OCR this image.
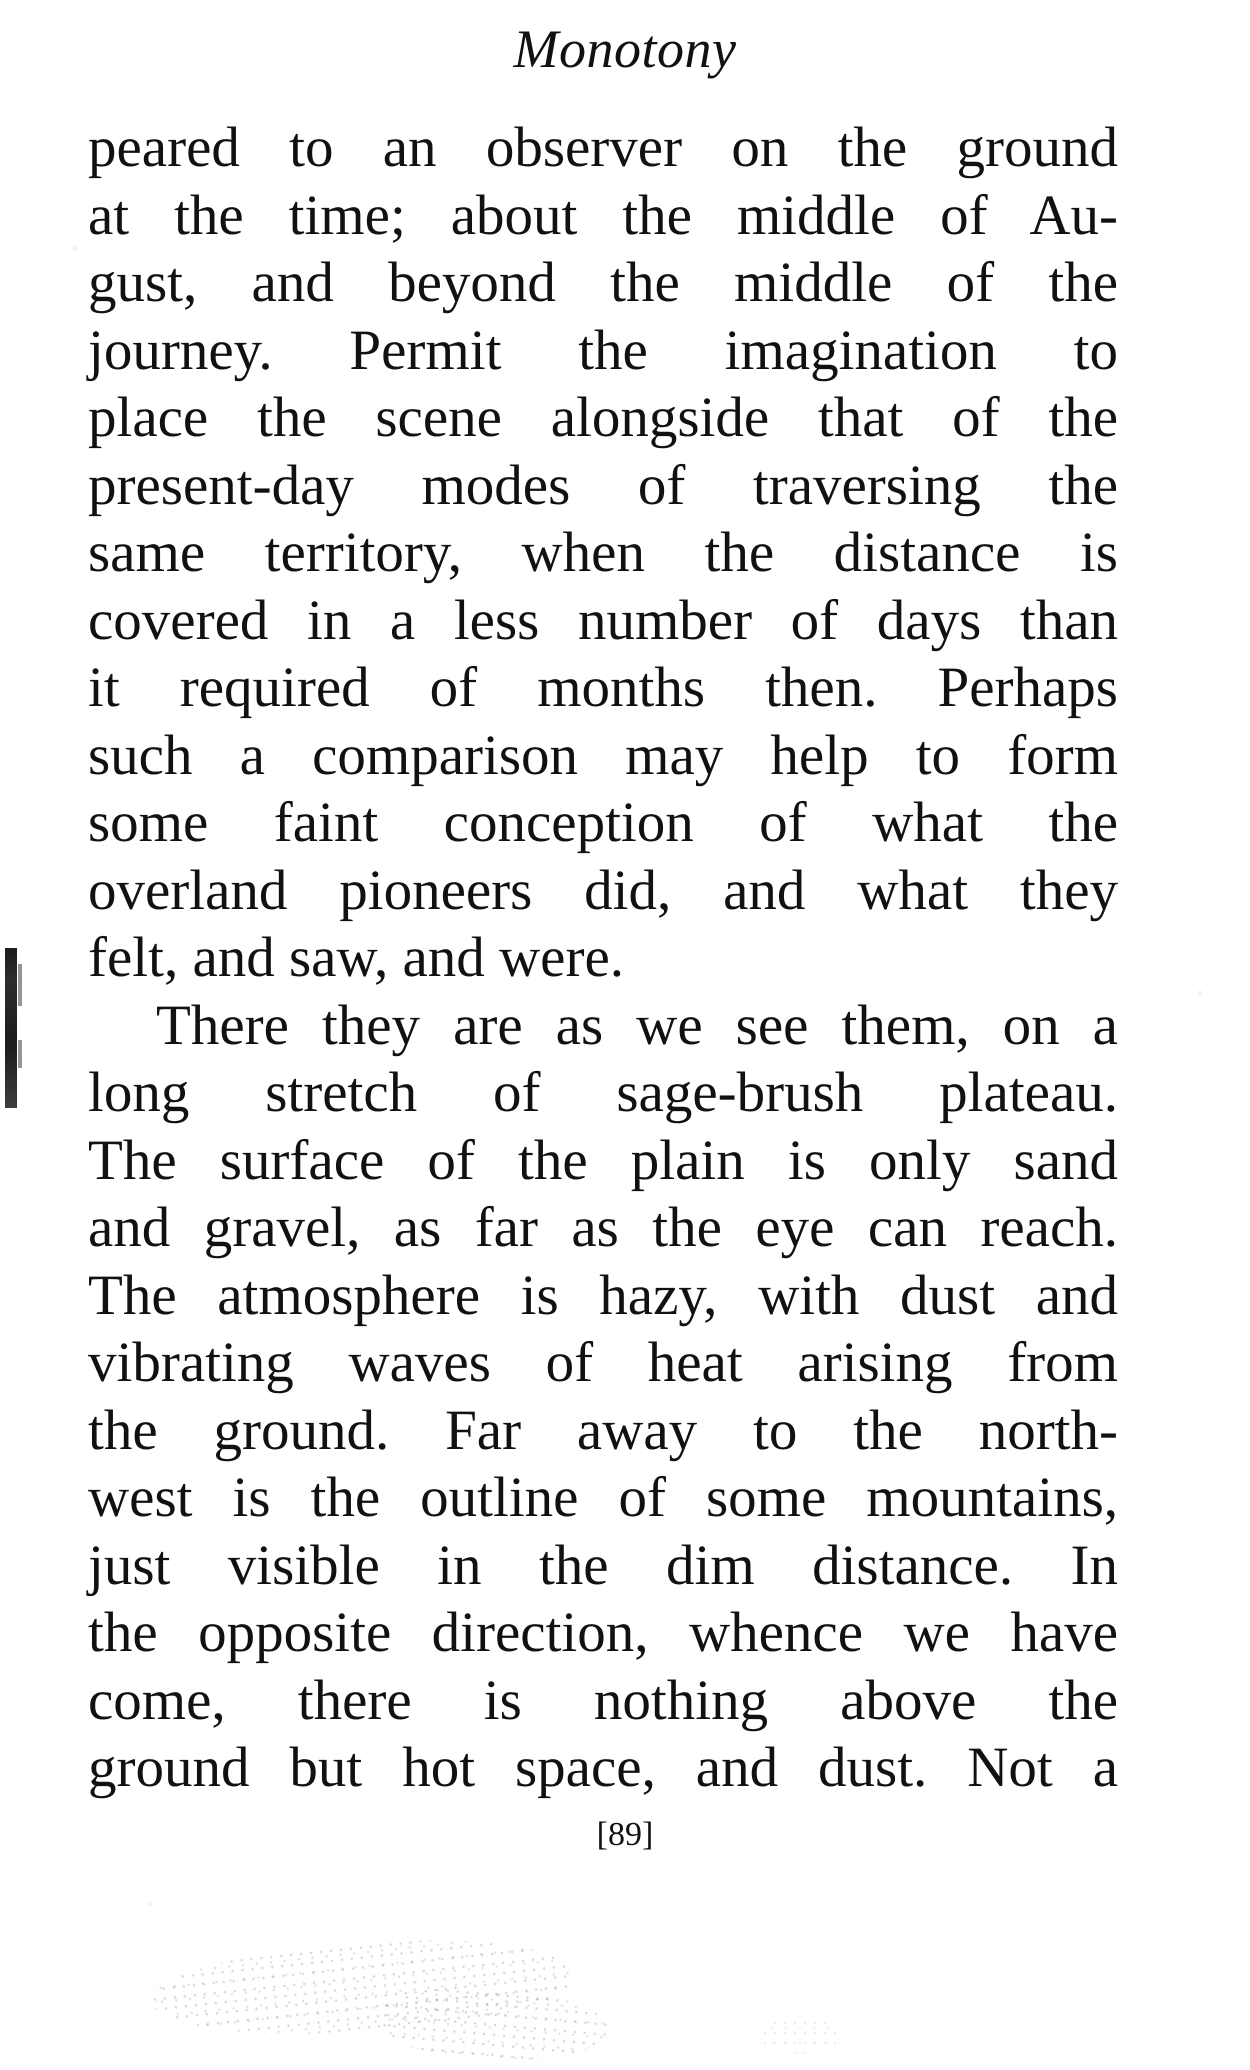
Monotony
peared to an observer on the ground
at the time; about the middle of Au-
gust, and beyond the middle of the
journey. Permit the imagination to
place the scene alongside that of the
present-day modes of traversing the
same territory, when the distance is
covered in a less number of days than
it required of months then. Perhaps
such a comparison may help to form
some faint conception of what the
overland pioneers did, and what they
felt, and saw, and were.
There they are as we see them, on a
long stretch of sage-brush plateau.
The surface of the plain is only sand
and gravel, as far as the eye can reach.
The atmosphere is hazy, with dust and
vibrating waves of heat arising from
the ground. Far away to the north-
west is the outline of some mountains,
just visible in the dim distance. In
the opposite direction, whence we have
come, there is nothing above the
ground but hot space, and dust. Not a
[89]
